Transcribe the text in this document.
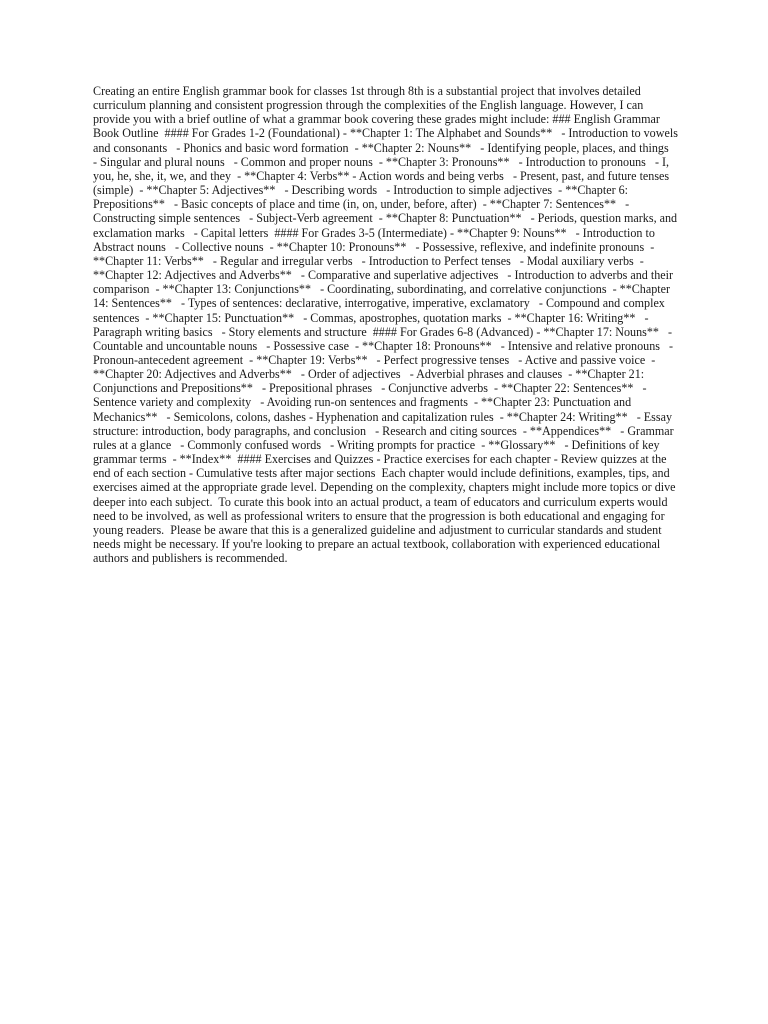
Creating an entire English grammar book for classes 1st through 8th is a substantial project that involves detailed curriculum planning and consistent progression through the complexities of the English language. However, I can provide you with a brief outline of what a grammar book covering these grades might include: ### English Grammar Book Outline  #### For Grades 1-2 (Foundational) - **Chapter 1: The Alphabet and Sounds**   - Introduction to vowels and consonants   - Phonics and basic word formation  - **Chapter 2: Nouns**   - Identifying people, places, and things   - Singular and plural nouns   - Common and proper nouns  - **Chapter 3: Pronouns**   - Introduction to pronouns   - I, you, he, she, it, we, and they  - **Chapter 4: Verbs** - Action words and being verbs   - Present, past, and future tenses (simple)  - **Chapter 5: Adjectives**   - Describing words   - Introduction to simple adjectives  - **Chapter 6: Prepositions**   - Basic concepts of place and time (in, on, under, before, after)  - **Chapter 7: Sentences**   - Constructing simple sentences   - Subject-Verb agreement  - **Chapter 8: Punctuation**   - Periods, question marks, and exclamation marks   - Capital letters  #### For Grades 3-5 (Intermediate) - **Chapter 9: Nouns**   - Introduction to Abstract nouns   - Collective nouns  - **Chapter 10: Pronouns**   - Possessive, reflexive, and indefinite pronouns  - **Chapter 11: Verbs**   - Regular and irregular verbs   - Introduction to Perfect tenses   - Modal auxiliary verbs  - **Chapter 12: Adjectives and Adverbs**   - Comparative and superlative adjectives   - Introduction to adverbs and their comparison  - **Chapter 13: Conjunctions**   - Coordinating, subordinating, and correlative conjunctions  - **Chapter 14: Sentences**   - Types of sentences: declarative, interrogative, imperative, exclamatory   - Compound and complex sentences  - **Chapter 15: Punctuation**   - Commas, apostrophes, quotation marks  - **Chapter 16: Writing**   - Paragraph writing basics   - Story elements and structure  #### For Grades 6-8 (Advanced) - **Chapter 17: Nouns**   - Countable and uncountable nouns   - Possessive case  - **Chapter 18: Pronouns**   - Intensive and relative pronouns   - Pronoun-antecedent agreement  - **Chapter 19: Verbs**   - Perfect progressive tenses   - Active and passive voice  - **Chapter 20: Adjectives and Adverbs**   - Order of adjectives   - Adverbial phrases and clauses  - **Chapter 21: Conjunctions and Prepositions**   - Prepositional phrases   - Conjunctive adverbs  - **Chapter 22: Sentences**   - Sentence variety and complexity   - Avoiding run-on sentences and fragments  - **Chapter 23: Punctuation and Mechanics**   - Semicolons, colons, dashes - Hyphenation and capitalization rules  - **Chapter 24: Writing**   - Essay structure: introduction, body paragraphs, and conclusion   - Research and citing sources  - **Appendices**   - Grammar rules at a glance   - Commonly confused words   - Writing prompts for practice  - **Glossary**   - Definitions of key grammar terms  - **Index**  #### Exercises and Quizzes - Practice exercises for each chapter - Review quizzes at the end of each section - Cumulative tests after major sections  Each chapter would include definitions, examples, tips, and exercises aimed at the appropriate grade level. Depending on the complexity, chapters might include more topics or dive deeper into each subject.  To curate this book into an actual product, a team of educators and curriculum experts would need to be involved, as well as professional writers to ensure that the progression is both educational and engaging for young readers.  Please be aware that this is a generalized guideline and adjustment to curricular standards and student needs might be necessary. If you're looking to prepare an actual textbook, collaboration with experienced educational authors and publishers is recommended.
